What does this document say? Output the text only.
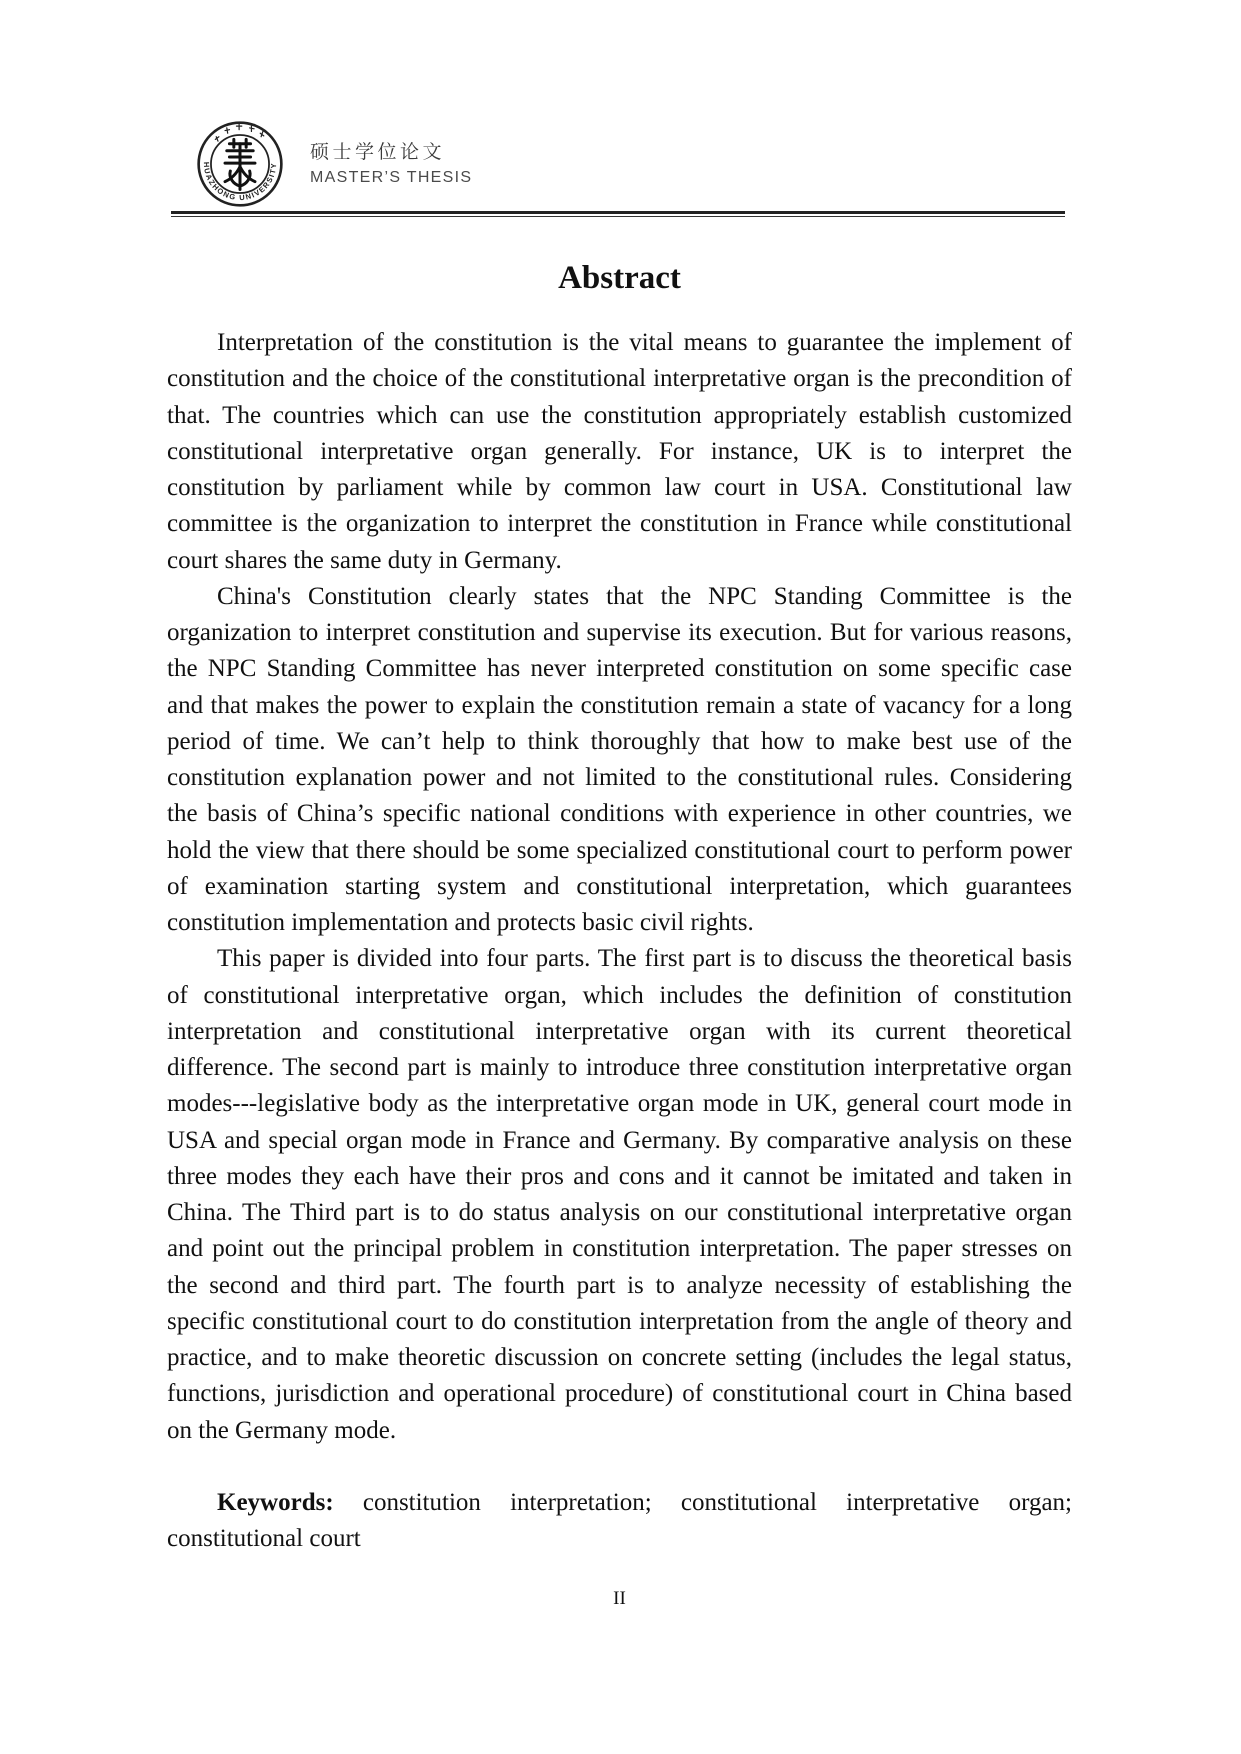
HUAZHONG UNIVERSITY
硕士学位论文
MASTER’S THESIS
Abstract
Interpretation of the constitution is the vital means to guarantee the implement of
constitution and the choice of the constitutional interpretative organ is the precondition of
that. The countries which can use the constitution appropriately establish customized
constitutional interpretative organ generally. For instance, UK is to interpret the
constitution by parliament while by common law court in USA. Constitutional law
committee is the organization to interpret the constitution in France while constitutional
court shares the same duty in Germany.
China's Constitution clearly states that the NPC Standing Committee is the
organization to interpret constitution and supervise its execution. But for various reasons,
the NPC Standing Committee has never interpreted constitution on some specific case
and that makes the power to explain the constitution remain a state of vacancy for a long
period of time. We can’t help to think thoroughly that how to make best use of the
constitution explanation power and not limited to the constitutional rules. Considering
the basis of China’s specific national conditions with experience in other countries, we
hold the view that there should be some specialized constitutional court to perform power
of examination starting system and constitutional interpretation, which guarantees
constitution implementation and protects basic civil rights.
This paper is divided into four parts. The first part is to discuss the theoretical basis
of constitutional interpretative organ, which includes the definition of constitution
interpretation and constitutional interpretative organ with its current theoretical
difference. The second part is mainly to introduce three constitution interpretative organ
modes---legislative body as the interpretative organ mode in UK, general court mode in
USA and special organ mode in France and Germany. By comparative analysis on these
three modes they each have their pros and cons and it cannot be imitated and taken in
China. The Third part is to do status analysis on our constitutional interpretative organ
and point out the principal problem in constitution interpretation. The paper stresses on
the second and third part. The fourth part is to analyze necessity of establishing the
specific constitutional court to do constitution interpretation from the angle of theory and
practice, and to make theoretic discussion on concrete setting (includes the legal status,
functions, jurisdiction and operational procedure) of constitutional court in China based
on the Germany mode.
Keywords: constitution interpretation; constitutional interpretative organ;
constitutional court
II
